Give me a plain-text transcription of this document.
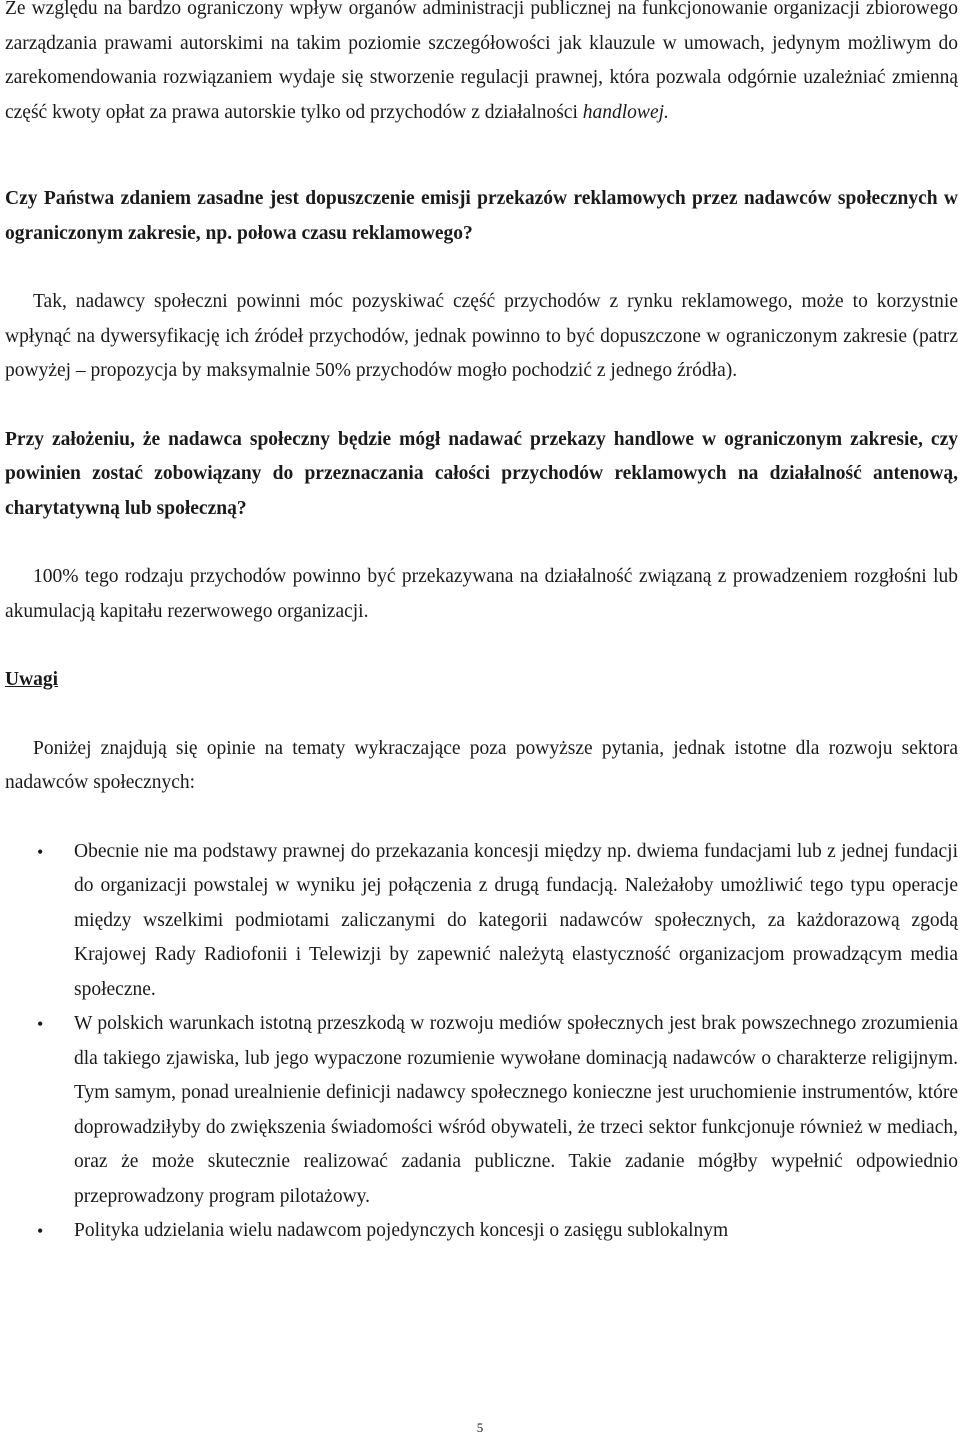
Ze względu na bardzo ograniczony wpływ organów administracji publicznej na funkcjonowanie organizacji zbiorowego zarządzania prawami autorskimi na takim poziomie szczegółowości jak klauzule w umowach, jedynym możliwym do zarekomendowania rozwiązaniem wydaje się stworzenie regulacji prawnej, która pozwala odgórnie uzależniać zmienną część kwoty opłat za prawa autorskie tylko od przychodów z działalności handlowej.

Czy Państwa zdaniem zasadne jest dopuszczenie emisji przekazów reklamowych przez nadawców społecznych w ograniczonym zakresie, np. połowa czasu reklamowego?

Tak, nadawcy społeczni powinni móc pozyskiwać część przychodów z rynku reklamowego, może to korzystnie wpłynąć na dywersyfikację ich źródeł przychodów, jednak powinno to być dopuszczone w ograniczonym zakresie (patrz powyżej – propozycja by maksymalnie 50% przychodów mogło pochodzić z jednego źródła).

Przy założeniu, że nadawca społeczny będzie mógł nadawać przekazy handlowe w ograniczonym zakresie, czy powinien zostać zobowiązany do przeznaczania całości przychodów reklamowych na działalność antenową, charytatywną lub społeczną?

100% tego rodzaju przychodów powinno być przekazywana na działalność związaną z prowadzeniem rozgłośni lub akumulacją kapitału rezerwowego organizacji.

Uwagi

Poniżej znajdują się opinie na tematy wykraczające poza powyższe pytania, jednak istotne dla rozwoju sektora nadawców społecznych:

• Obecnie nie ma podstawy prawnej do przekazania koncesji między np. dwiema fundacjami lub z jednej fundacji do organizacji powstalej w wyniku jej połączenia z drugą fundacją. Należałoby umożliwić tego typu operacje między wszelkimi podmiotami zaliczanymi do kategorii nadawców społecznych, za każdorazową zgodą Krajowej Rady Radiofonii i Telewizji by zapewnić należytą elastyczność organizacjom prowadzącym media społeczne.
• W polskich warunkach istotną przeszkodą w rozwoju mediów społecznych jest brak powszechnego zrozumienia dla takiego zjawiska, lub jego wypaczone rozumienie wywołane dominacją nadawców o charakterze religijnym. Tym samym, ponad urealnienie definicji nadawcy społecznego konieczne jest uruchomienie instrumentów, które doprowadziłyby do zwiększenia świadomości wśród obywateli, że trzeci sektor funkcjonuje również w mediach, oraz że może skutecznie realizować zadania publiczne. Takie zadanie mógłby wypełnić odpowiednio przeprowadzony program pilotażowy.
• Polityka udzielania wielu nadawcom pojedynczych koncesji o zasięgu sublokalnym
5
